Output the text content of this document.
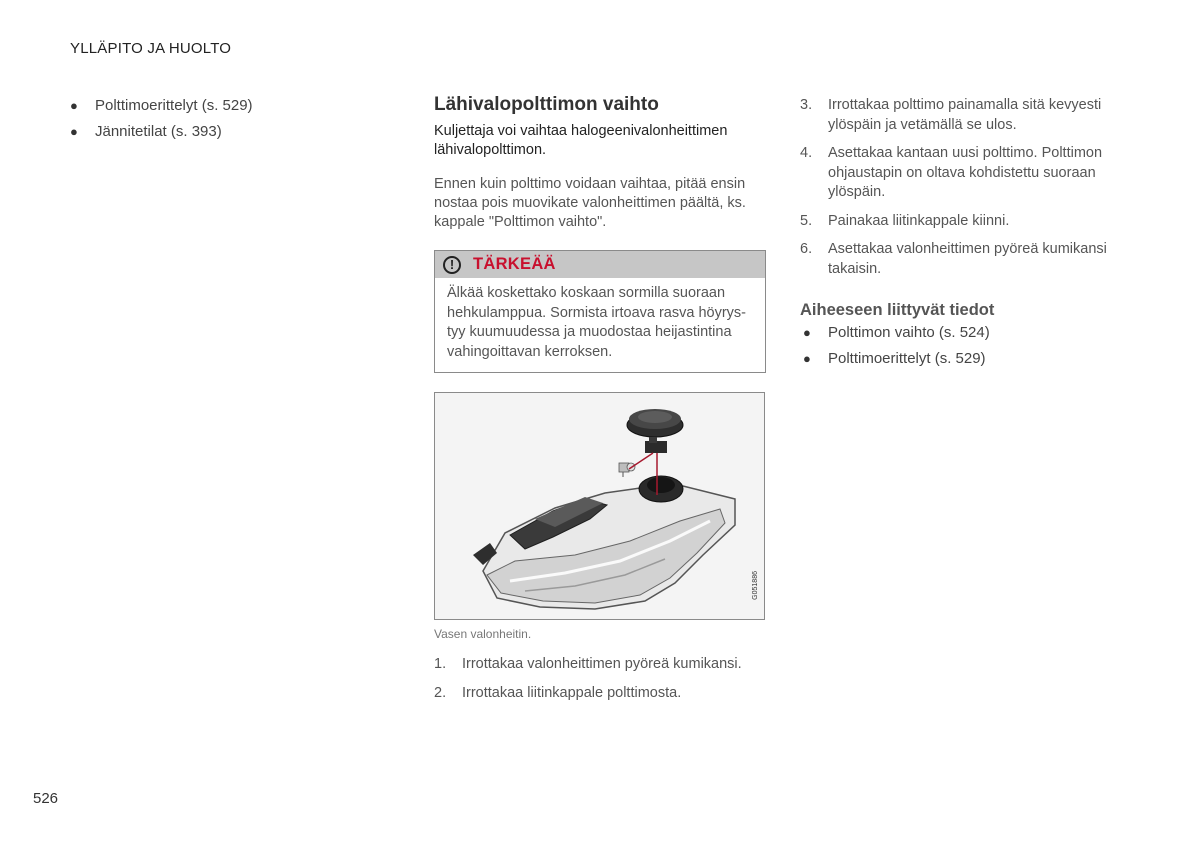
YLLÄPITO JA HUOLTO
● Polttimoerittelyt (s. 529)
● Jännitetilat (s. 393)
Lähivalopolttimon vaihto

Kuljettaja voi vaihtaa halogeenivalonheittimen lähivalopolttimon.

Ennen kuin polttimo voidaan vaihtaa, pitää ensin nostaa pois muovikate valonheittimen päältä, ks. kappale "Polttimon vaihto".

!	TÄRKEÄÄ
Älkää koskettako koskaan sormilla suoraan hehkulamppua. Sormista irtoava rasva höyrys-tyy kuumuudessa ja muodostaa heijastintina vahingoittavan kerroksen.
G051886
Vasen valonheitin.
1. Irrottakaa valonheittimen pyöreä kumikansi.
2. Irrottakaa liitinkappale polttimosta.
3. Irrottakaa polttimo painamalla sitä kevyesti ylöspäin ja vetämällä se ulos.
4. Asettakaa kantaan uusi polttimo. Polttimon ohjaustapin on oltava kohdistettu suoraan ylöspäin.
5. Painakaa liitinkappale kiinni.
6. Asettakaa valonheittimen pyöreä kumikansi takaisin.
Aiheeseen liittyvät tiedot
● Polttimon vaihto (s. 524)
● Polttimoerittelyt (s. 529)
526
